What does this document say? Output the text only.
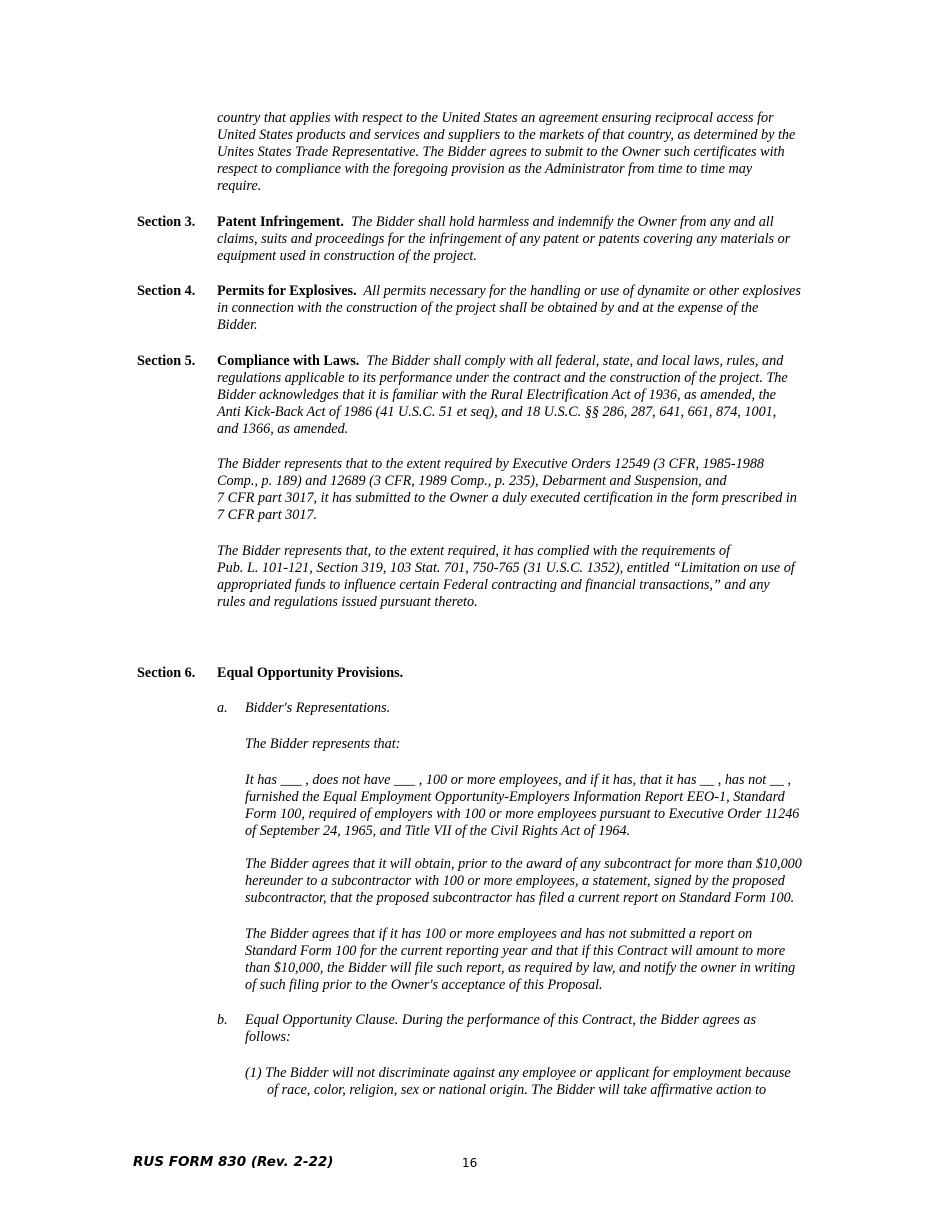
country that applies with respect to the United States an agreement ensuring reciprocal access for
United States products and services and suppliers to the markets of that country, as determined by the
Unites States Trade Representative. The Bidder agrees to submit to the Owner such certificates with
respect to compliance with the foregoing provision as the Administrator from time to time may
require.
Section 3. Patent Infringement. The Bidder shall hold harmless and indemnify the Owner from any and all
claims, suits and proceedings for the infringement of any patent or patents covering any materials or
equipment used in construction of the project.
Section 4. Permits for Explosives. All permits necessary for the handling or use of dynamite or other explosives
in connection with the construction of the project shall be obtained by and at the expense of the
Bidder.
Section 5. Compliance with Laws. The Bidder shall comply with all federal, state, and local laws, rules, and
regulations applicable to its performance under the contract and the construction of the project. The
Bidder acknowledges that it is familiar with the Rural Electrification Act of 1936, as amended, the
Anti Kick-Back Act of 1986 (41 U.S.C. 51 et seq), and 18 U.S.C. §§ 286, 287, 641, 661, 874, 1001,
and 1366, as amended.
The Bidder represents that to the extent required by Executive Orders 12549 (3 CFR, 1985-1988
Comp., p. 189) and 12689 (3 CFR, 1989 Comp., p. 235), Debarment and Suspension, and
7 CFR part 3017, it has submitted to the Owner a duly executed certification in the form prescribed in
7 CFR part 3017.
The Bidder represents that, to the extent required, it has complied with the requirements of
Pub. L. 101-121, Section 319, 103 Stat. 701, 750-765 (31 U.S.C. 1352), entitled “Limitation on use of
appropriated funds to influence certain Federal contracting and financial transactions,” and any
rules and regulations issued pursuant thereto.
Section 6. Equal Opportunity Provisions.
a. Bidder's Representations.
The Bidder represents that:
It has ___ , does not have ___ , 100 or more employees, and if it has, that it has __ , has not __ ,
furnished the Equal Employment Opportunity-Employers Information Report EEO-1, Standard
Form 100, required of employers with 100 or more employees pursuant to Executive Order 11246
of September 24, 1965, and Title VII of the Civil Rights Act of 1964.
The Bidder agrees that it will obtain, prior to the award of any subcontract for more than $10,000
hereunder to a subcontractor with 100 or more employees, a statement, signed by the proposed
subcontractor, that the proposed subcontractor has filed a current report on Standard Form 100.
The Bidder agrees that if it has 100 or more employees and has not submitted a report on
Standard Form 100 for the current reporting year and that if this Contract will amount to more
than $10,000, the Bidder will file such report, as required by law, and notify the owner in writing
of such filing prior to the Owner's acceptance of this Proposal.
b. Equal Opportunity Clause. During the performance of this Contract, the Bidder agrees as
follows:
(1) The Bidder will not discriminate against any employee or applicant for employment because
of race, color, religion, sex or national origin. The Bidder will take affirmative action to
RUS FORM 830 (Rev. 2-22)	16
